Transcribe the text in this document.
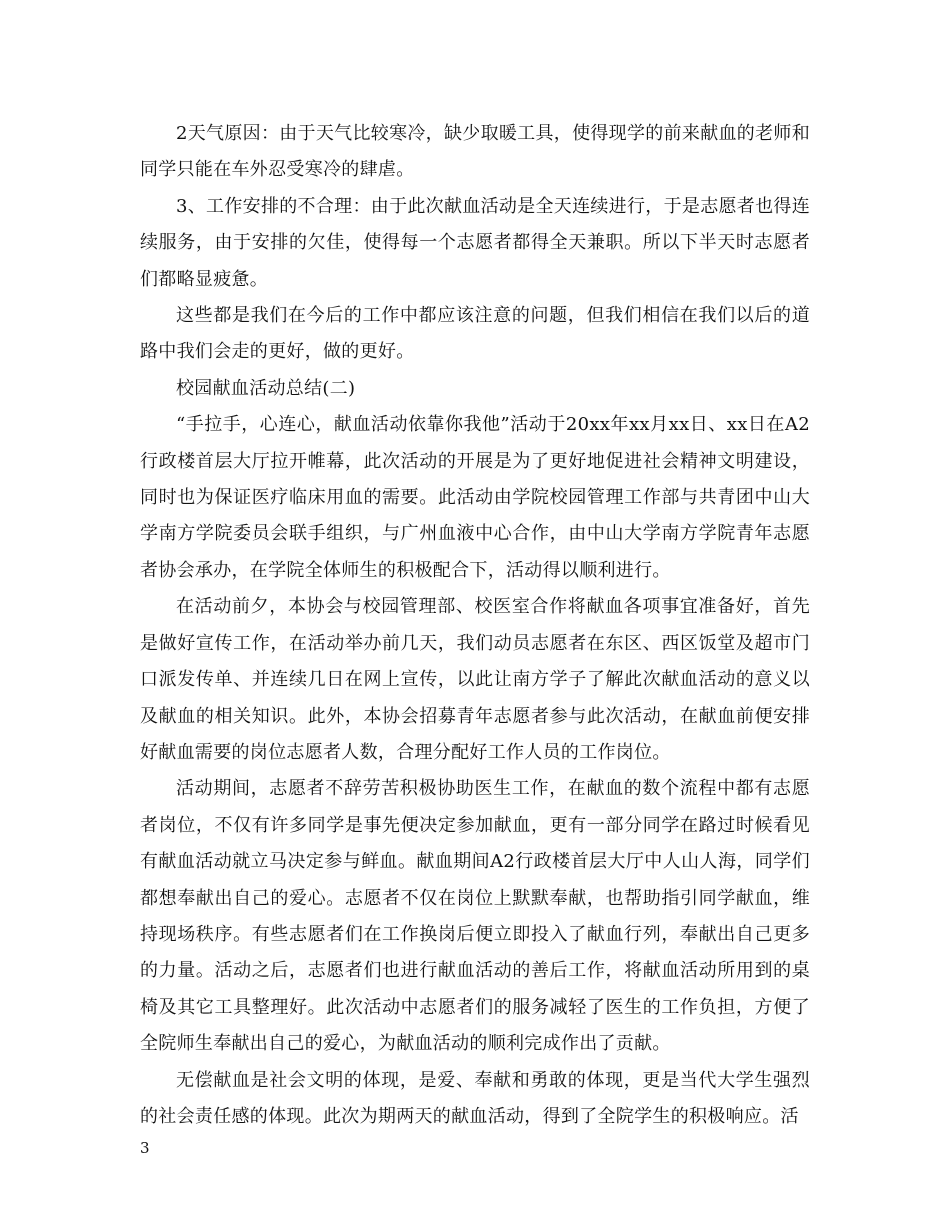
2天气原因：由于天气比较寒冷，缺少取暖工具，使得现学的前来献血的老师和同学只能在车外忍受寒冷的肆虐。

3、工作安排的不合理：由于此次献血活动是全天连续进行，于是志愿者也得连续服务，由于安排的欠佳，使得每一个志愿者都得全天兼职。所以下半天时志愿者们都略显疲惫。

这些都是我们在今后的工作中都应该注意的问题，但我们相信在我们以后的道路中我们会走的更好，做的更好。

校园献血活动总结(二)

“手拉手，心连心，献血活动依靠你我他”活动于20xx年xx月xx日、xx日在A2行政楼首层大厅拉开帷幕，此次活动的开展是为了更好地促进社会精神文明建设，同时也为保证医疗临床用血的需要。此活动由学院校园管理工作部与共青团中山大学南方学院委员会联手组织，与广州血液中心合作，由中山大学南方学院青年志愿者协会承办，在学院全体师生的积极配合下，活动得以顺利进行。

在活动前夕，本协会与校园管理部、校医室合作将献血各项事宜准备好，首先是做好宣传工作，在活动举办前几天，我们动员志愿者在东区、西区饭堂及超市门口派发传单、并连续几日在网上宣传，以此让南方学子了解此次献血活动的意义以及献血的相关知识。此外，本协会招募青年志愿者参与此次活动，在献血前便安排好献血需要的岗位志愿者人数，合理分配好工作人员的工作岗位。

活动期间，志愿者不辞劳苦积极协助医生工作，在献血的数个流程中都有志愿者岗位，不仅有许多同学是事先便决定参加献血，更有一部分同学在路过时候看见有献血活动就立马决定参与鲜血。献血期间A2行政楼首层大厅中人山人海，同学们都想奉献出自己的爱心。志愿者不仅在岗位上默默奉献，也帮助指引同学献血，维持现场秩序。有些志愿者们在工作换岗后便立即投入了献血行列，奉献出自己更多的力量。活动之后，志愿者们也进行献血活动的善后工作，将献血活动所用到的桌椅及其它工具整理好。此次活动中志愿者们的服务减轻了医生的工作负担，方便了全院师生奉献出自己的爱心，为献血活动的顺利完成作出了贡献。

无偿献血是社会文明的体现，是爱、奉献和勇敢的体现，更是当代大学生强烈的社会责任感的体现。此次为期两天的献血活动，得到了全院学生的积极响应。活

3
